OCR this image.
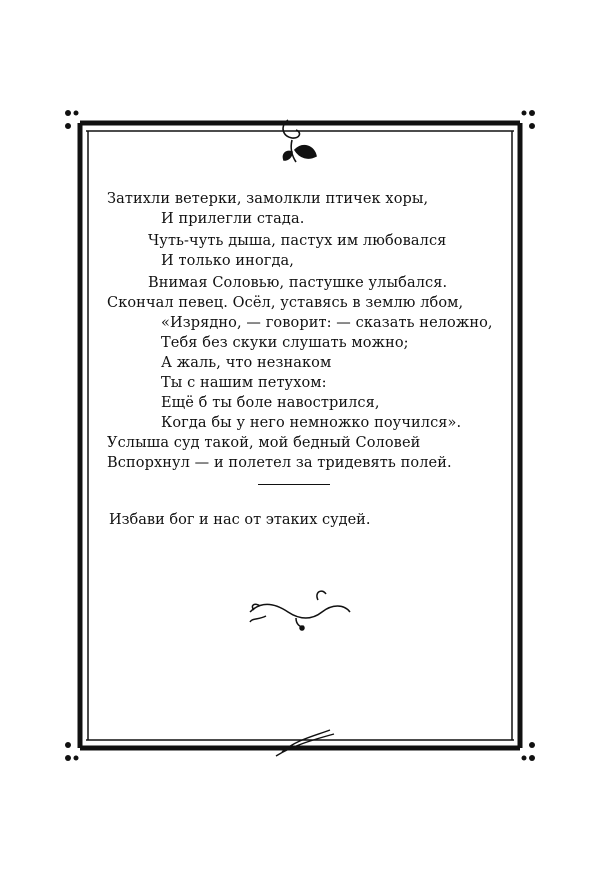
Затихли ветерки, замолкли птичек хоры,
И прилегли стада.
Чуть-чуть дыша, пастух им любовался
И только иногда,
Внимая Соловью, пастушке улыбался.
Скончал певец. Осёл, уставясь в землю лбом,
«Изрядно, — говорит: — сказать неложно,
Тебя без скуки слушать можно;
А жаль, что незнаком
Ты с нашим петухом:
Ещё б ты боле навострился,
Когда бы у него немножко поучился».
Услыша суд такой, мой бедный Соловей
Вспорхнул — и полетел за тридевять полей.
Избави бог и нас от этаких судей.
